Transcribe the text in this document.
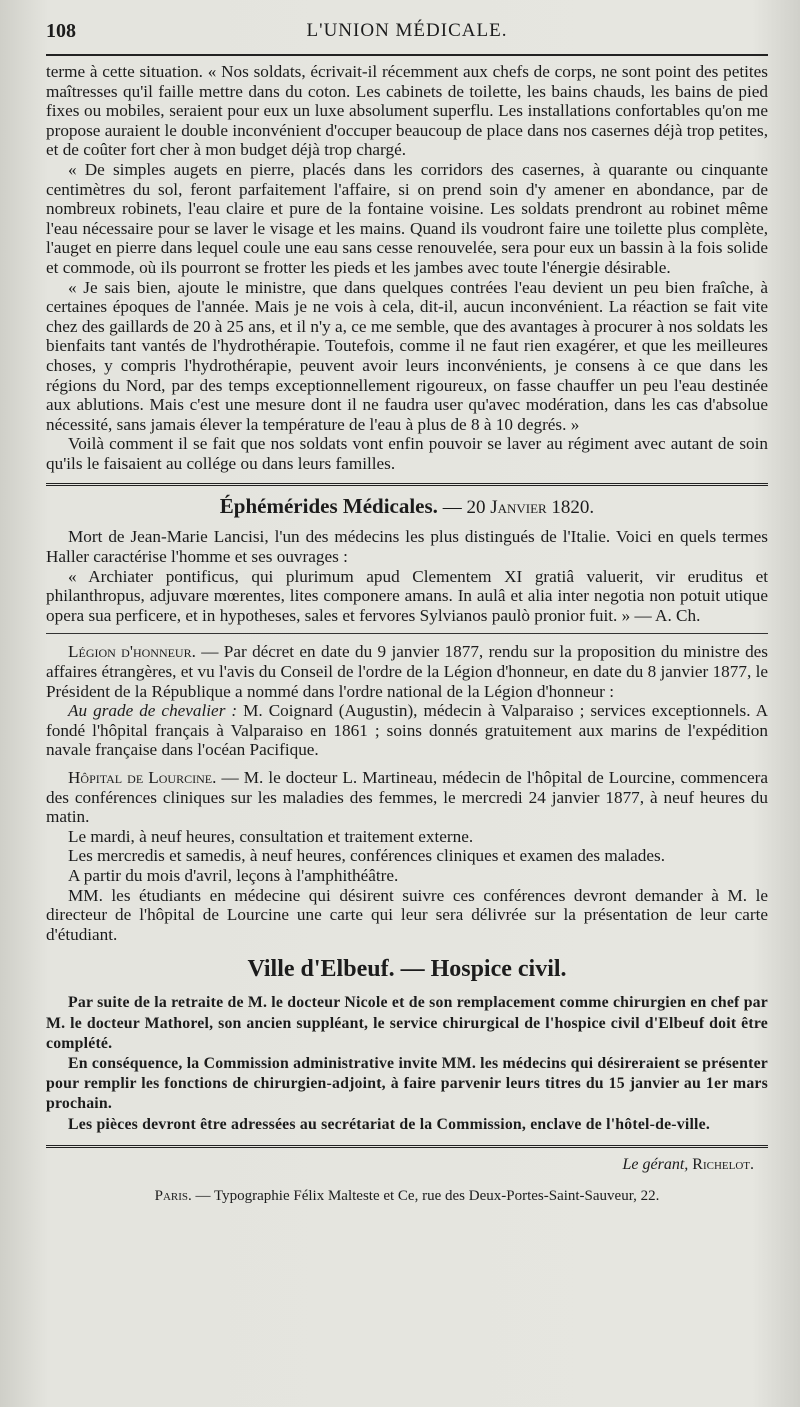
108	L'UNION MÉDICALE.

terme à cette situation. « Nos soldats, écrivait-il récemment aux chefs de corps, ne sont point des petites maîtresses qu'il faille mettre dans du coton. Les cabinets de toilette, les bains chauds, les bains de pied fixes ou mobiles, seraient pour eux un luxe absolument superflu. Les installations confortables qu'on me propose auraient le double inconvénient d'occuper beaucoup de place dans nos casernes déjà trop petites, et de coûter fort cher à mon budget déjà trop chargé.

« De simples augets en pierre, placés dans les corridors des casernes, à quarante ou cinquante centimètres du sol, feront parfaitement l'affaire, si on prend soin d'y amener en abondance, par de nombreux robinets, l'eau claire et pure de la fontaine voisine. Les soldats prendront au robinet même l'eau nécessaire pour se laver le visage et les mains. Quand ils voudront faire une toilette plus complète, l'auget en pierre dans lequel coule une eau sans cesse renouvelée, sera pour eux un bassin à la fois solide et commode, où ils pourront se frotter les pieds et les jambes avec toute l'énergie désirable.

« Je sais bien, ajoute le ministre, que dans quelques contrées l'eau devient un peu bien fraîche, à certaines époques de l'année. Mais je ne vois à cela, dit-il, aucun inconvénient. La réaction se fait vite chez des gaillards de 20 à 25 ans, et il n'y a, ce me semble, que des avantages à procurer à nos soldats les bienfaits tant vantés de l'hydrothérapie. Toutefois, comme il ne faut rien exagérer, et que les meilleures choses, y compris l'hydrothérapie, peuvent avoir leurs inconvénients, je consens à ce que dans les régions du Nord, par des temps exceptionnellement rigoureux, on fasse chauffer un peu l'eau destinée aux ablutions. Mais c'est une mesure dont il ne faudra user qu'avec modération, dans les cas d'absolue nécessité, sans jamais élever la température de l'eau à plus de 8 à 10 degrés. »

Voilà comment il se fait que nos soldats vont enfin pouvoir se laver au régiment avec autant de soin qu'ils le faisaient au collége ou dans leurs familles.

Éphémérides Médicales. — 20 Janvier 1820.

Mort de Jean-Marie Lancisi, l'un des médecins les plus distingués de l'Italie. Voici en quels termes Haller caractérise l'homme et ses ouvrages :

« Archiater pontificus, qui plurimum apud Clementem XI gratiâ valuerit, vir eruditus et philanthropus, adjuvare mœrentes, lites componere amans. In aulâ et alia inter negotia non potuit utique opera sua perficere, et in hypotheses, sales et fervores Sylvianos paulò pronior fuit. » — A. Ch.

Légion d'honneur. — Par décret en date du 9 janvier 1877, rendu sur la proposition du ministre des affaires étrangères, et vu l'avis du Conseil de l'ordre de la Légion d'honneur, en date du 8 janvier 1877, le Président de la République a nommé dans l'ordre national de la Légion d'honneur :

Au grade de chevalier : M. Coignard (Augustin), médecin à Valparaiso ; services exceptionnels. A fondé l'hôpital français à Valparaiso en 1861 ; soins donnés gratuitement aux marins de l'expédition navale française dans l'océan Pacifique.

Hôpital de Lourcine. — M. le docteur L. Martineau, médecin de l'hôpital de Lourcine, commencera des conférences cliniques sur les maladies des femmes, le mercredi 24 janvier 1877, à neuf heures du matin.

Le mardi, à neuf heures, consultation et traitement externe.

Les mercredis et samedis, à neuf heures, conférences cliniques et examen des malades.

A partir du mois d'avril, leçons à l'amphithéâtre.

MM. les étudiants en médecine qui désirent suivre ces conférences devront demander à M. le directeur de l'hôpital de Lourcine une carte qui leur sera délivrée sur la présentation de leur carte d'étudiant.

Ville d'Elbeuf. — Hospice civil.

Par suite de la retraite de M. le docteur Nicole et de son remplacement comme chirurgien en chef par M. le docteur Mathorel, son ancien suppléant, le service chirurgical de l'hospice civil d'Elbeuf doit être complété.

En conséquence, la Commission administrative invite MM. les médecins qui désireraient se présenter pour remplir les fonctions de chirurgien-adjoint, à faire parvenir leurs titres du 15 janvier au 1er mars prochain.

Les pièces devront être adressées au secrétariat de la Commission, enclave de l'hôtel-de-ville.

Le gérant, Richelot.
Paris. — Typographie Félix Malteste et Ce, rue des Deux-Portes-Saint-Sauveur, 22.
